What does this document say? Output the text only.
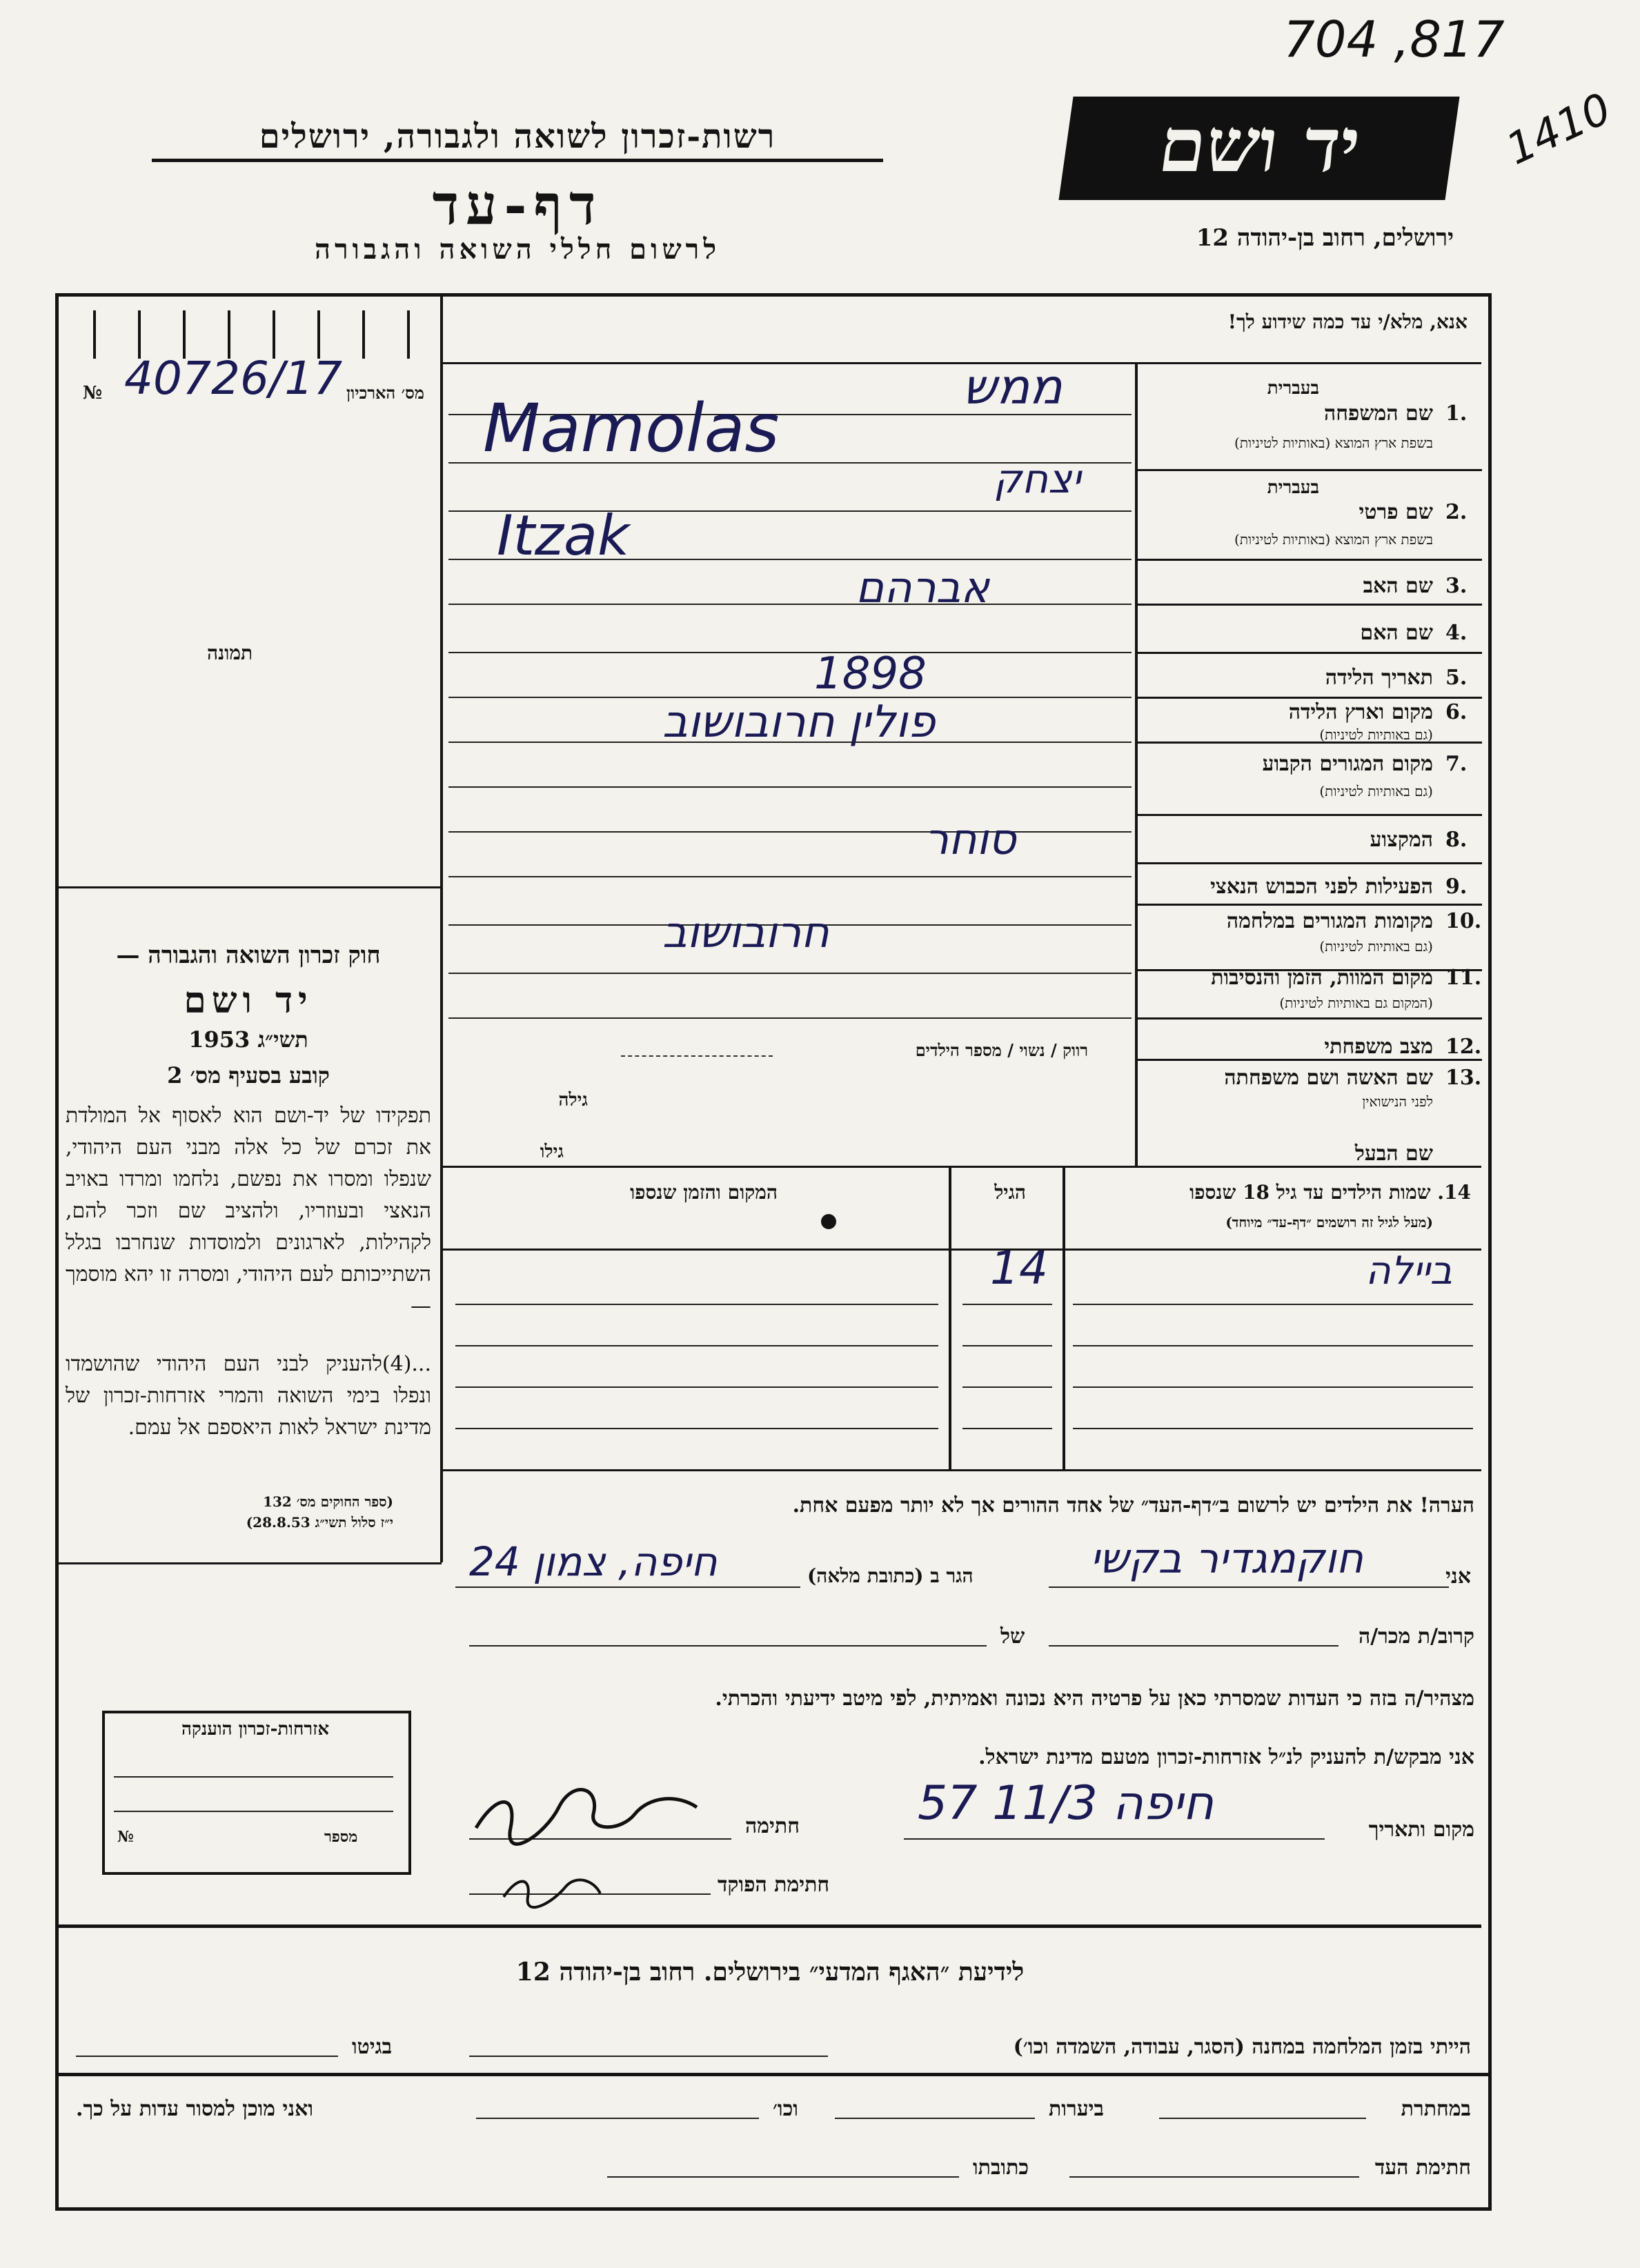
יד ושם
ירושלים, רחוב בן-יהודה 12
רשות-זכרון לשואה ולגבורה, ירושלים
דף-עד
לרשום חללי השואה והגבורה
704 ,817
1410
№ 40726/17 מס׳ הארכיון
תמונה
חוק זכרון השואה והגבורה —
יד ושם
תשי״ג 1953
קובע בסעיף מס׳ 2
תפקידו של יד-ושם הוא לאסוף אל המולדת את זכרם של כל אלה מבני העם היהודי, שנפלו ומסרו את נפשם, נלחמו ומרדו באויב הנאצי ובעוזריו, ולהציב שם וזכר להם, לקהילות, לארגונים ולמוסדות שנחרבו בגלל השתייכותם לעם היהודי, ומסרה זו יהא מוסמך —
...(4)להעניק לבני העם היהודי שהושמדו ונפלו בימי השואה והמרי אזרחות-זכרון של מדינת ישראל לאות היאספם אל עמם.
(ספר החוקים מס׳ 132
י״ז סלול תשי״ג 28.8.53)
אזרחות-זכרון הוענקה
№	מספר
אנא, מלא/י עד כמה שידוע לך!
בעברית
1.
שם המשפחה
בשפת ארץ המוצא (באותיות לטיניות)
בעברית
2.
שם פרטי
בשפת ארץ המוצא (באותיות לטיניות)
3.
שם האב
4.
שם האם
5.
תאריך הלידה
6.
מקום וארץ הלידה
(גם באותיות לטיניות)
7.
מקום המגורים הקבוע
(גם באותיות לטיניות)
8.
המקצוע
9.
הפעילות לפני הכבוש הנאצי
10.
מקומות המגורים במלחמה
(גם באותיות לטיניות)
11.
מקום המוות, הזמן והנסיבות
(המקום גם באותיות לטיניות)
12.
מצב משפחתי
13.
שם האשה ושם משפחתה
לפני הנישואין
שם הבעל
רווק / נשוי / מספר הילדים
גילה
גילו
ממש
Mamolas
יצחק
Itzak
אברהם
1898
פולין חרובושוב
סוחר
חרובושוב
14. שמות הילדים עד גיל 18 שנספו
(מעל לגיל זה רושמים ״דף-עד״ מיוחד)
הגיל
המקום והזמן שנספו
ביילה
14
הערה! את הילדים יש לרשום ב״דף-העד״ של אחד ההורים אך לא יותר מפעם אחת.
אני
חוקמגדיר בקשי
הגר ב (כתובת מלאה)
חיפה, צמון 24
קרוב/ת מכר/ה
של
מצהיר/ה בזה כי העדות שמסרתי כאן על פרטיה היא נכונה ואמיתית, לפי מיטב ידיעתי והכרתי.
אני מבקש/ת להעניק לנ״ל אזרחות-זכרון מטעם מדינת ישראל.
מקום ותאריך
חיפה 11/3 57
חתימה
חתימת הפוקד
לידיעת ״האגף המדעי״ בירושלים. רחוב בן-יהודה 12
הייתי בזמן המלחמה במחנה (הסגר, עבודה, השמדה וכו׳)
בגיטו
במחתרת
ביערות
וכו׳
ואני מוכן למסור עדות על כך.
חתימת העד
כתובתו
